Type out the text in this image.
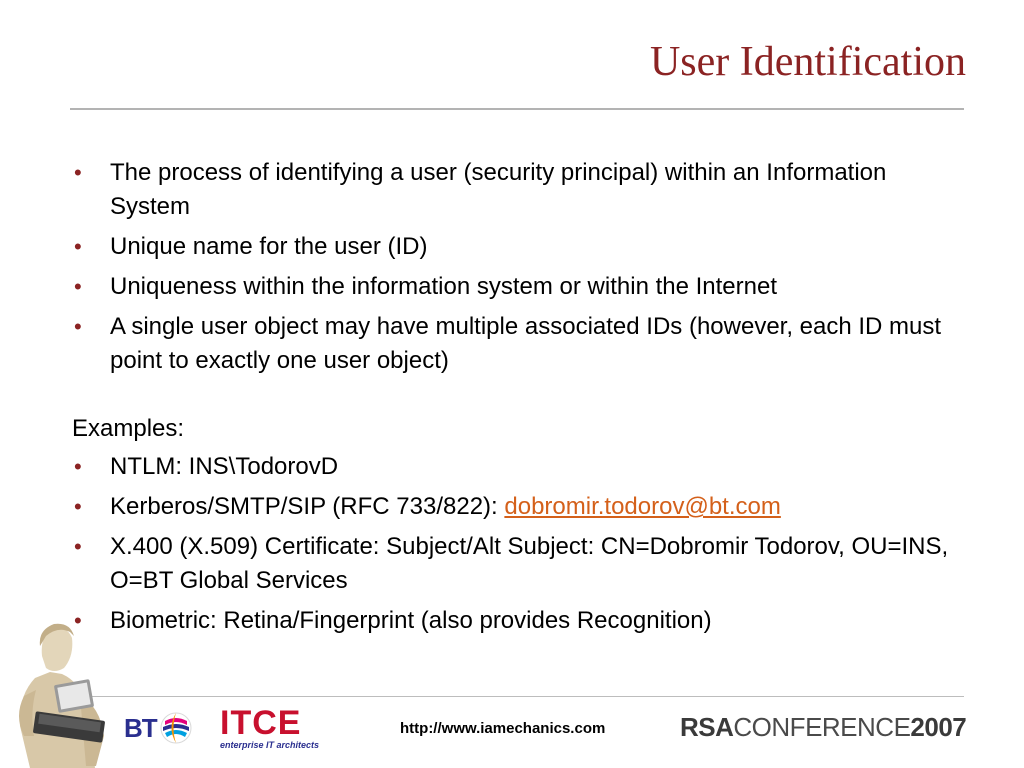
User Identification
• The process of identifying a user (security principal) within an Information System
• Unique name for the user (ID)
• Uniqueness within the information system or within the Internet
• A single user object may have multiple associated IDs (however, each ID must point to exactly one user object)
Examples:
• NTLM: INS\TodorovD
• Kerberos/SMTP/SIP (RFC 733/822): dobromir.todorov@bt.com
• X.400 (X.509) Certificate: Subject/Alt Subject: CN=Dobromir Todorov, OU=INS, O=BT Global Services
• Biometric: Retina/Fingerprint (also provides Recognition)
BT ITCE
enterprise IT architects
http://www.iamechanics.com	RSACONFERENCE2007
